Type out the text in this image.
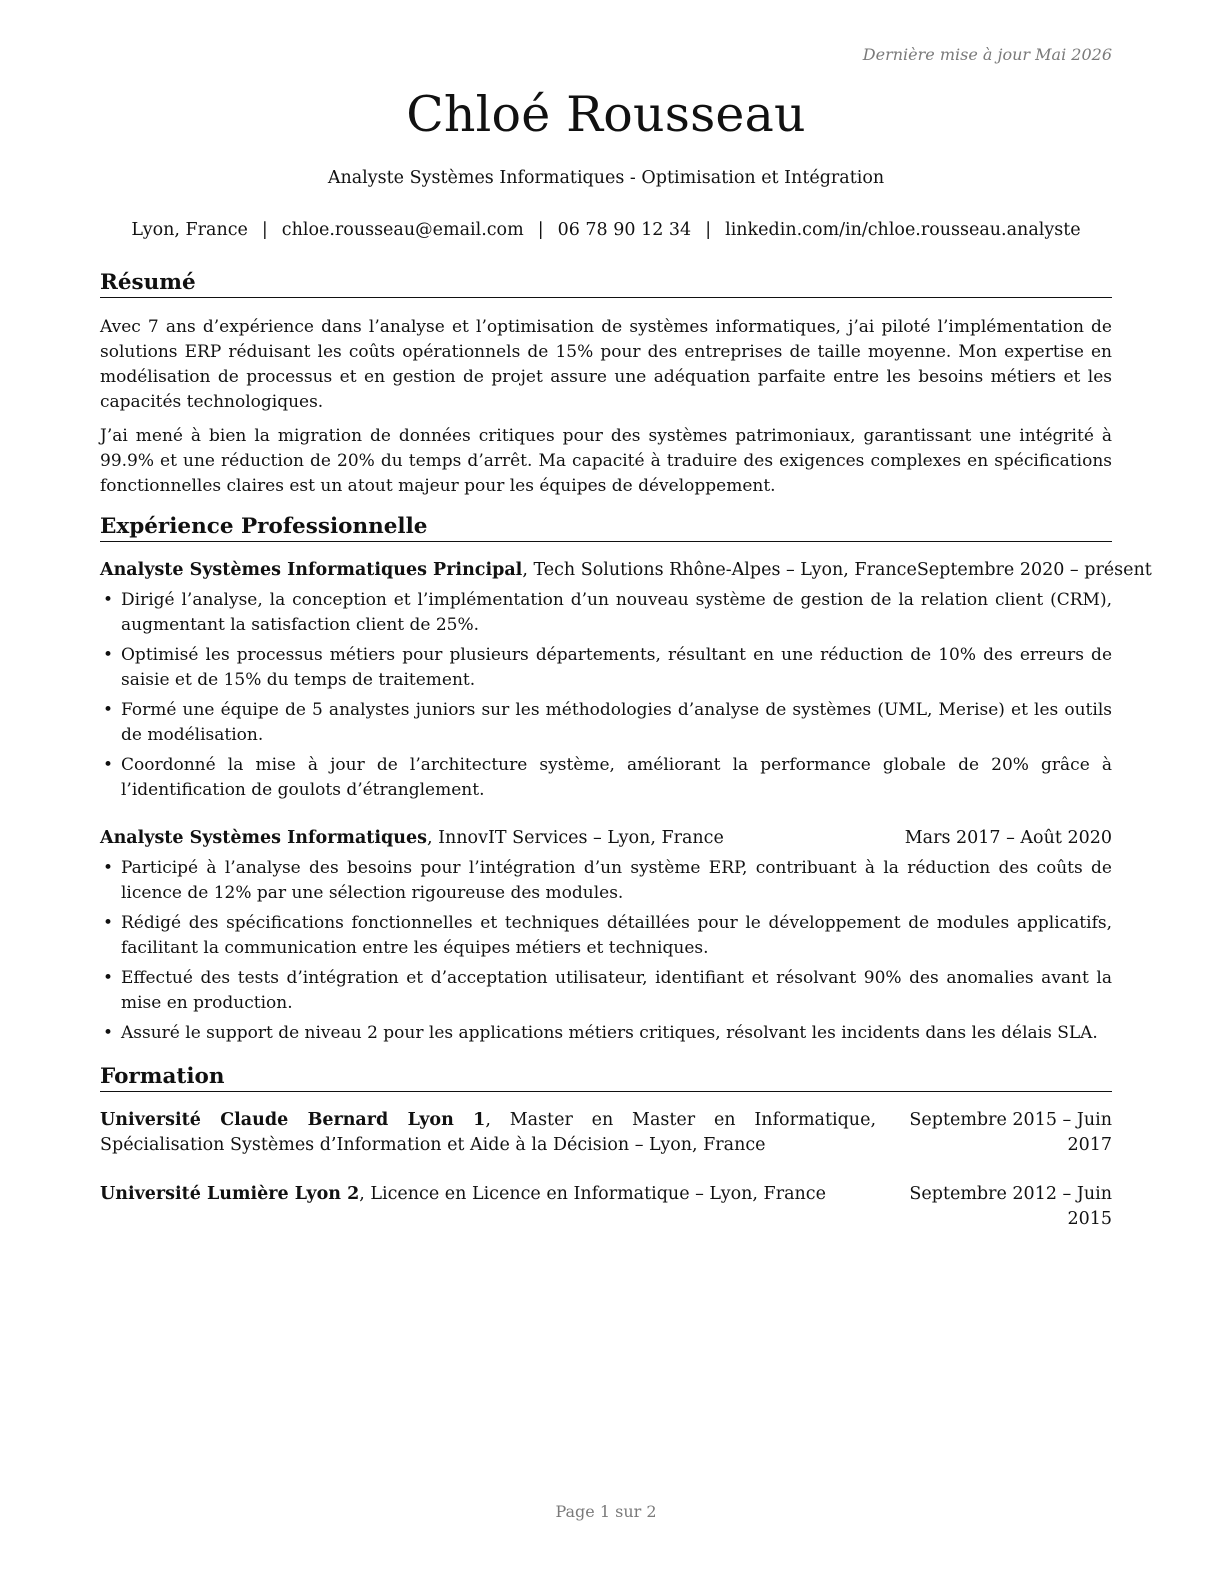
Dernière mise à jour Mai 2026
Chloé Rousseau
Analyste Systèmes Informatiques - Optimisation et Intégration
Lyon, France | chloe.rousseau@email.com | 06 78 90 12 34 | linkedin.com/in/chloe.rousseau.analyste
Résumé

Avec 7 ans d’expérience dans l’analyse et l’optimisation de systèmes informatiques, j’ai piloté l’implémentation de solutions ERP réduisant les coûts opérationnels de 15% pour des entreprises de taille moyenne. Mon expertise en modélisation de processus et en gestion de projet assure une adéquation parfaite entre les besoins métiers et les capacités technologiques.

J’ai mené à bien la migration de données critiques pour des systèmes patrimoniaux, garantissant une intégrité à 99.9% et une réduction de 20% du temps d’arrêt. Ma capacité à traduire des exigences complexes en spécifications fonctionnelles claires est un atout majeur pour les équipes de développement.

Expérience Professionnelle
Analyste Systèmes Informatiques Principal, Tech Solutions Rhône-Alpes – Lyon, France Septembre 2020 – présent
• Dirigé l’analyse, la conception et l’implémentation d’un nouveau système de gestion de la relation client (CRM), augmentant la satisfaction client de 25%.
• Optimisé les processus métiers pour plusieurs départements, résultant en une réduction de 10% des erreurs de saisie et de 15% du temps de traitement.
• Formé une équipe de 5 analystes juniors sur les méthodologies d’analyse de systèmes (UML, Merise) et les outils de modélisation.
• Coordonné la mise à jour de l’architecture système, améliorant la performance globale de 20% grâce à l’identification de goulots d’étranglement.
Analyste Systèmes Informatiques, InnovIT Services – Lyon, France	Mars 2017 – Août 2020
• Participé à l’analyse des besoins pour l’intégration d’un système ERP, contribuant à la réduction des coûts de licence de 12% par une sélection rigoureuse des modules.
• Rédigé des spécifications fonctionnelles et techniques détaillées pour le développement de modules applicatifs, facilitant la communication entre les équipes métiers et techniques.
• Effectué des tests d’intégration et d’acceptation utilisateur, identifiant et résolvant 90% des anomalies avant la mise en production.
• Assuré le support de niveau 2 pour les applications métiers critiques, résolvant les incidents dans les délais SLA.
Formation
Université Claude Bernard Lyon 1, Master en Master en Informatique, Spécialisation Systèmes d’Information et Aide à la Décision – Lyon, France
Septembre 2015 – Juin 2017
Université Lumière Lyon 2, Licence en Licence en Informatique – Lyon, France	Septembre 2012 – Juin 2015
Page 1 sur 2
